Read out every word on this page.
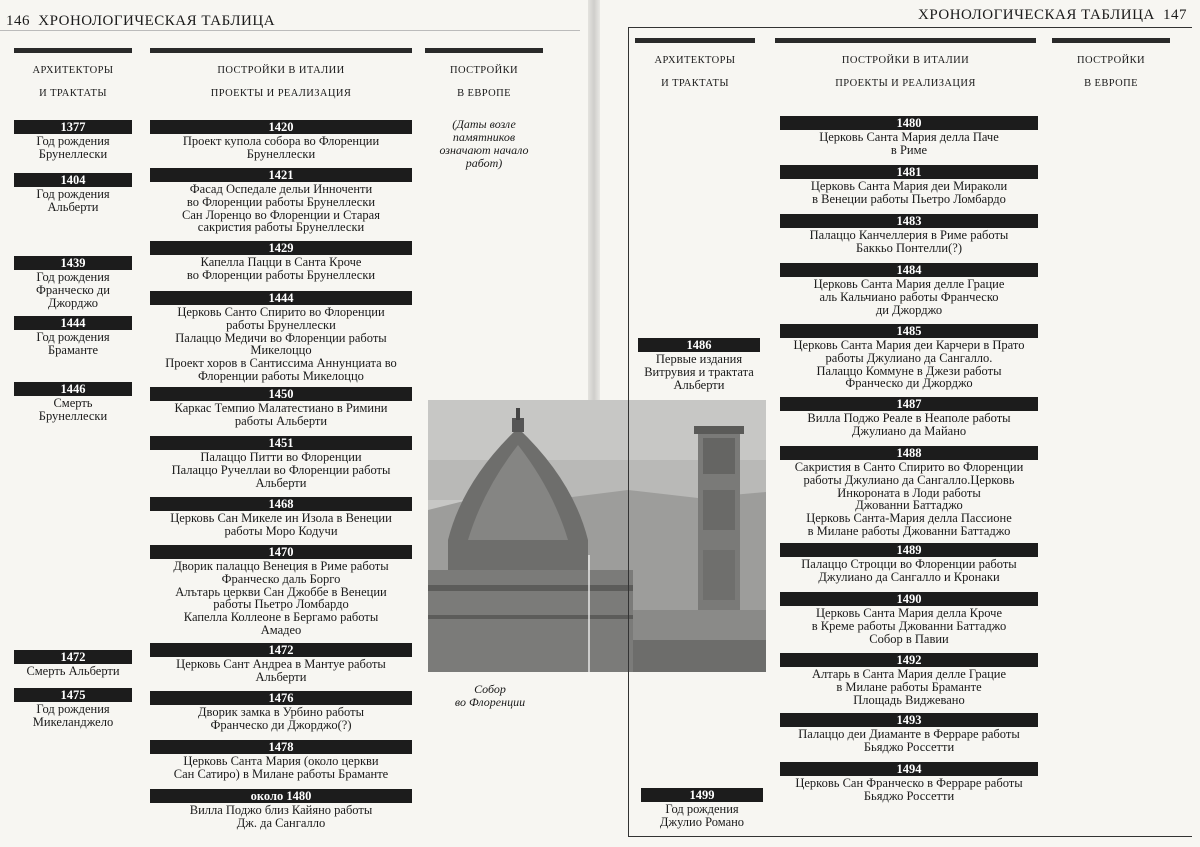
146 ХРОНОЛОГИЧЕСКАЯ ТАБЛИЦА
АРХИТЕКТОРЫ
И ТРАКТАТЫ
ПОСТРОЙКИ В ИТАЛИИ
ПРОЕКТЫ И РЕАЛИЗАЦИЯ
ПОСТРОЙКИ
В ЕВРОПЕ
(Даты возле
памятников
означают начало
работ)
1377
Год рождения
Брунеллески
1404
Год рождения
Альберти
1439
Год рождения
Франческо ди
Джорджо
1444
Год рождения
Браманте
1446
Смерть
Брунеллески
1472
Смерть Альберти
1475
Год рождения
Микеланджело
1420
Проект купола собора во Флоренции
Брунеллески
1421
Фасад Оспедале дельи Инноченти
во Флоренции работы Брунеллески
Сан Лоренцо во Флоренции и Старая
сакристия работы Брунеллески
1429
Капелла Пацци в Санта Кроче
во Флоренции работы Брунеллески
1444
Церковь Санто Спирито во Флоренции
работы Брунеллески
Палаццо Медичи во Флоренции работы
Микелоццо
Проект хоров в Сантиссима Аннунциата во
Флоренции работы Микелоццо
1450
Каркас Темпио Малатестиано в Римини
работы Альберти
1451
Палаццо Питти во Флоренции
Палаццо Ручеллаи во Флоренции работы
Альберти
1468
Церковь Сан Микеле ин Изола в Венеции
работы Моро Кодучи
1470
Дворик палаццо Венеция в Риме работы
Франческо даль Борго
Алътарь церкви Сан Джоббе в Венеции
работы Пьетро Ломбардо
Капелла Коллеоне в Бергамо работы
Амадео
1472
Церковь Сант Андреа в Мантуе работы
Альберти
1476
Дворик замка в Урбино работы
Франческо ди Джорджо(?)
1478
Церковь Санта Мария (около церкви
Сан Сатиро) в Милане работы Браманте
около 1480
Вилла Поджо близ Кайяно работы
Дж. да Сангалло
Собор
во Флоренции
ХРОНОЛОГИЧЕСКАЯ ТАБЛИЦА 147
АРХИТЕКТОРЫ
И ТРАКТАТЫ
ПОСТРОЙКИ В ИТАЛИИ
ПРОЕКТЫ И РЕАЛИЗАЦИЯ
ПОСТРОЙКИ
В ЕВРОПЕ
1486
Первые издания
Витрувия и трактата
Альберти
1499
Год рождения
Джулио Романо
1480
Церковь Санта Мария делла Паче
в Риме
1481
Церковь Санта Мария деи Мираколи
в Венеции работы Пьетро Ломбардо
1483
Палаццо Канчеллерия в Риме работы
Баккьо Понтелли(?)
1484
Церковь Санта Мария делле Грацие
аль Кальчиано работы Франческо
ди Джорджо
1485
Церковь Санта Мария деи Карчери в Прато
работы Джулиано да Сангалло.
Палаццо Коммуне в Джези работы
Франческо ди Джорджо
1487
Вилла Поджо Реале в Неаполе работы
Джулиано да Майано
1488
Сакристия в Санто Спирито во Флоренции
работы Джулиано да Сангалло.Церковь
Инкороната в Лоди работы
Джованни Баттаджо
Церковь Санта-Мария делла Пассионе
в Милане работы Джованни Баттаджо
1489
Палаццо Строцци во Флоренции работы
Джулиано да Сангалло и Кронаки
1490
Церковь Санта Мария делла Кроче
в Креме работы Джованни Баттаджо
Собор в Павии
1492
Алтарь в Санта Мария делле Грацие
в Милане работы Браманте
Площадь Виджевано
1493
Палаццо деи Диаманте в Ферраре работы
Бьяджо Россетти
1494
Церковь Сан Франческо в Ферраре работы
Бьяджо Россетти
